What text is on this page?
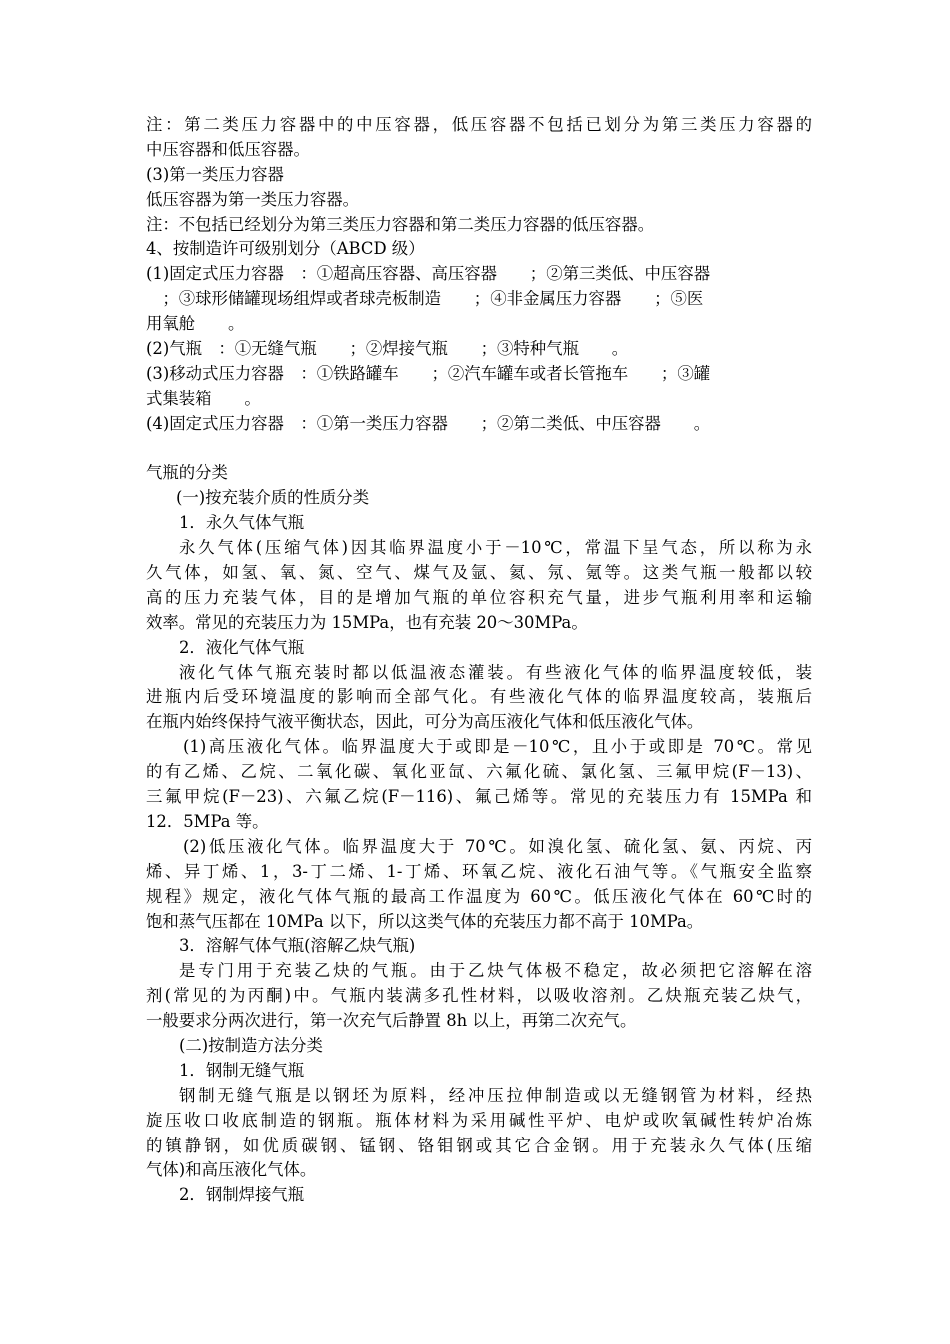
注：第二类压力容器中的中压容器，低压容器不包括已划分为第三类压力容器的
中压容器和低压容器。
(3)第一类压力容器
低压容器为第一类压力容器。
注：不包括已经划分为第三类压力容器和第二类压力容器的低压容器。
4、按制造许可级别划分（ABCD 级）
(1)固定式压力容器　：①超高压容器、高压容器　　；②第三类低、中压容器
　；③球形储罐现场组焊或者球壳板制造　　；④非金属压力容器　　；⑤医
用氧舱　　。
(2)气瓶　：①无缝气瓶　　；②焊接气瓶　　；③特种气瓶　　。
(3)移动式压力容器　：①铁路罐车　　；②汽车罐车或者长管拖车　　；③罐
式集装箱　　。
(4)固定式压力容器　：①第一类压力容器　　；②第二类低、中压容器　　。
气瓶的分类
(一)按充装介质的性质分类
1．永久气体气瓶
永久气体(压缩气体)因其临界温度小于－10℃，常温下呈气态，所以称为永
久气体，如氢、氧、氮、空气、煤气及氩、氦、氖、氪等。这类气瓶一般都以较
高的压力充装气体，目的是增加气瓶的单位容积充气量，进步气瓶利用率和运输
效率。常见的充装压力为 15MPa，也有充装 20～30MPa。
2．液化气体气瓶
液化气体气瓶充装时都以低温液态灌装。有些液化气体的临界温度较低，装
进瓶内后受环境温度的影响而全部气化。有些液化气体的临界温度较高，装瓶后
在瓶内始终保持气液平衡状态，因此，可分为高压液化气体和低压液化气体。
(1)高压液化气体。临界温度大于或即是－10℃，且小于或即是 70℃。常见
的有乙烯、乙烷、二氧化碳、氧化亚氙、六氟化硫、氯化氢、三氟甲烷(F－13)、
三氟甲烷(F－23)、六氟乙烷(F－116)、氟己烯等。常见的充装压力有 15MPa 和
12．5MPa 等。
(2)低压液化气体。临界温度大于 70℃。如溴化氢、硫化氢、氨、丙烷、丙
烯、异丁烯、1，3-丁二烯、1-丁烯、环氧乙烷、液化石油气等。《气瓶安全监察
规程》规定，液化气体气瓶的最高工作温度为 60℃。低压液化气体在 60℃时的
饱和蒸气压都在 10MPa 以下，所以这类气体的充装压力都不高于 10MPa。
3．溶解气体气瓶(溶解乙炔气瓶)
是专门用于充装乙炔的气瓶。由于乙炔气体极不稳定，故必须把它溶解在溶
剂(常见的为丙酮)中。气瓶内装满多孔性材料，以吸收溶剂。乙炔瓶充装乙炔气，
一般要求分两次进行，第一次充气后静置 8h 以上，再第二次充气。
(二)按制造方法分类
1．钢制无缝气瓶
钢制无缝气瓶是以钢坯为原料，经冲压拉伸制造或以无缝钢管为材料，经热
旋压收口收底制造的钢瓶。瓶体材料为采用碱性平炉、电炉或吹氧碱性转炉冶炼
的镇静钢，如优质碳钢、锰钢、铬钼钢或其它合金钢。用于充装永久气体(压缩
气体)和高压液化气体。
2．钢制焊接气瓶
